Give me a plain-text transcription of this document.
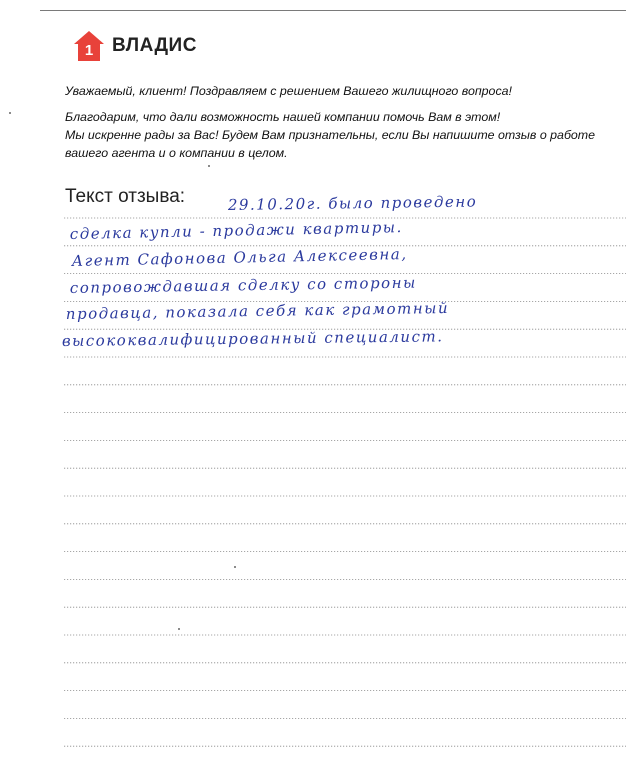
1 ВЛАДИС

Уважаемый, клиент! Поздравляем с решением Вашего жилищного вопроса!

Благодарим, что дали возможность нашей компании помочь Вам в этом!

Мы искренне рады за Вас! Будем Вам признательны, если Вы напишите отзыв о работе

вашего агента и о компании в целом.

Текст отзыва:	29.10.20г. было проведено
сделка купли - продажи квартиры.
Агент Сафонова Ольга Алексеевна,
сопровождавшая сделку со стороны
продавца, показала себя как грамотный
высококвалифицированный специалист.
